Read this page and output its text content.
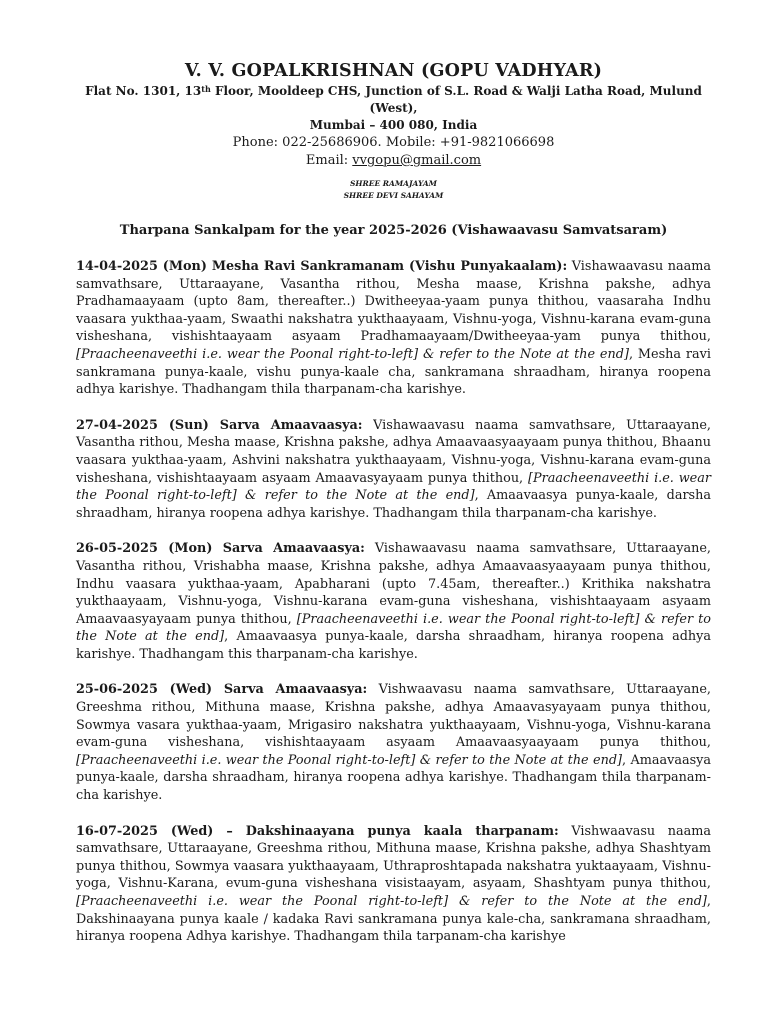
V. V. GOPALKRISHNAN (GOPU VADHYAR)
Flat No. 1301, 13th Floor, Mooldeep CHS, Junction of S.L. Road & Walji Latha Road, Mulund (West),
Mumbai – 400 080, India
Phone: 022-25686906. Mobile: +91-9821066698
Email: vvgopu@gmail.com
SHREE RAMAJAYAM
SHREE DEVI SAHAYAM
Tharpana Sankalpam for the year 2025-2026 (Vishawaavasu Samvatsaram)

14-04-2025 (Mon) Mesha Ravi Sankramanam (Vishu Punyakaalam): Vishawaavasu naama samvathsare, Uttaraayane, Vasantha rithou, Mesha maase, Krishna pakshe, adhya Pradhamaayaam (upto 8am, thereafter..) Dwitheeyaa-yaam punya thithou, vaasaraha Indhu vaasara yukthaa-yaam, Swaathi nakshatra yukthaayaam, Vishnu-yoga, Vishnu-karana evam-guna visheshana, vishishtaayaam asyaam Pradhamaayaam/Dwitheeyaa-yam punya thithou, [Praacheenaveethi i.e. wear the Poonal right-to-left] & refer to the Note at the end], Mesha ravi sankramana punya-kaale, vishu punya-kaale cha, sankramana shraadham, hiranya roopena adhya karishye. Thadhangam thila tharpanam-cha karishye.

27-04-2025 (Sun) Sarva Amaavaasya: Vishawaavasu naama samvathsare, Uttaraayane, Vasantha rithou, Mesha maase, Krishna pakshe, adhya Amaavaasyaayaam punya thithou, Bhaanu vaasara yukthaa-yaam, Ashvini nakshatra yukthaayaam, Vishnu-yoga, Vishnu-karana evam-guna visheshana, vishishtaayaam asyaam Amaavasyayaam punya thithou, [Praacheenaveethi i.e. wear the Poonal right-to-left] & refer to the Note at the end], Amaavaasya punya-kaale, darsha shraadham, hiranya roopena adhya karishye. Thadhangam thila tharpanam-cha karishye.

26-05-2025 (Mon) Sarva Amaavaasya: Vishawaavasu naama samvathsare, Uttaraayane, Vasantha rithou, Vrishabha maase, Krishna pakshe, adhya Amaavaasyaayaam punya thithou, Indhu vaasara yukthaa-yaam, Apabharani (upto 7.45am, thereafter..) Krithika nakshatra yukthaayaam, Vishnu-yoga, Vishnu-karana evam-guna visheshana, vishishtaayaam asyaam Amaavaasyayaam punya thithou, [Praacheenaveethi i.e. wear the Poonal right-to-left] & refer to the Note at the end], Amaavaasya punya-kaale, darsha shraadham, hiranya roopena adhya karishye. Thadhangam this tharpanam-cha karishye.

25-06-2025 (Wed) Sarva Amaavaasya: Vishwaavasu naama samvathsare, Uttaraayane, Greeshma rithou, Mithuna maase, Krishna pakshe, adhya Amaavasyayaam punya thithou, Sowmya vasara yukthaa-yaam, Mrigasiro nakshatra yukthaayaam, Vishnu-yoga, Vishnu-karana evam-guna visheshana, vishishtaayaam asyaam Amaavaasyaayaam punya thithou, [Praacheenaveethi i.e. wear the Poonal right-to-left] & refer to the Note at the end], Amaavaasya punya-kaale, darsha shraadham, hiranya roopena adhya karishye. Thadhangam thila tharpanam-cha karishye.

16-07-2025 (Wed) – Dakshinaayana punya kaala tharpanam: Vishwaavasu naama samvathsare, Uttaraayane, Greeshma rithou, Mithuna maase, Krishna pakshe, adhya Shashtyam punya thithou, Sowmya vaasara yukthaayaam, Uthraproshtapada nakshatra yuktaayaam, Vishnu-yoga, Vishnu-Karana, evum-guna visheshana visistaayam, asyaam, Shashtyam punya thithou, [Praacheenaveethi i.e. wear the Poonal right-to-left] & refer to the Note at the end], Dakshinaayana punya kaale / kadaka Ravi sankramana punya kale-cha, sankramana shraadham, hiranya roopena Adhya karishye. Thadhangam thila tarpanam-cha karishye
